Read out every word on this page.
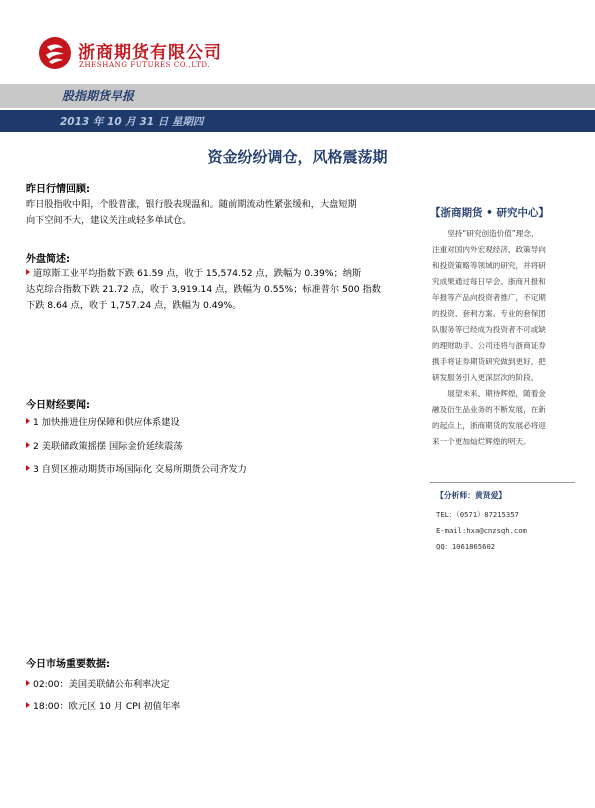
浙商期货有限公司
ZHESHANG FUTURES CO.,LTD.
股指期货早报
2013 年 10 月 31 日 星期四
资金纷纷调仓，风格震荡期
昨日行情回顾:
昨日股指收中阳，个股普涨，银行股表现温和。随前期流动性紧张缓和，大盘短期
向下空间不大，建议关注或轻多单试仓。
外盘简述:
道琼斯工业平均指数下跌 61.59 点，收于 15,574.52 点，跌幅为 0.39%；纳斯
达克综合指数下跌 21.72 点，收于 3,919.14 点，跌幅为 0.55%；标准普尔 500 指数
下跌 8.64 点，收于 1,757.24 点，跌幅为 0.49%。
今日财经要闻:
1 加快推进住房保障和供应体系建设
2 美联储政策摇摆 国际金价延续震荡
3 自贸区推动期货市场国际化 交易所期货公司齐发力
今日市场重要数据:
02:00：美国美联储公布利率决定
18:00：欧元区 10 月 CPI 初值年率
【浙商期货 • 研究中心】
坚持“研究创造价值”理念，
注重对国内外宏观经济、政策导向
和投资策略等领域的研究，并将研
究成果通过每日早会、浙商月报和
年报等产品向投资者推广，不定期
的投资、套利方案、专业的套保团
队服务等已经成为投资者不可或缺
的理财助手。公司还将与浙商证券
携手将证券期货研究做到更好，把
研发服务引入更深层次的阶段。
展望未来、期待辉煌，随着金
融及衍生品业务的不断发展，在新
的起点上，浙商期货的发展必将迎
来一个更加灿烂辉煌的明天。
【分析师：黄贤爱】
TEL：（0571）87215357
E-mail:hxa@cnzsqh.com
QQ：1061865602
